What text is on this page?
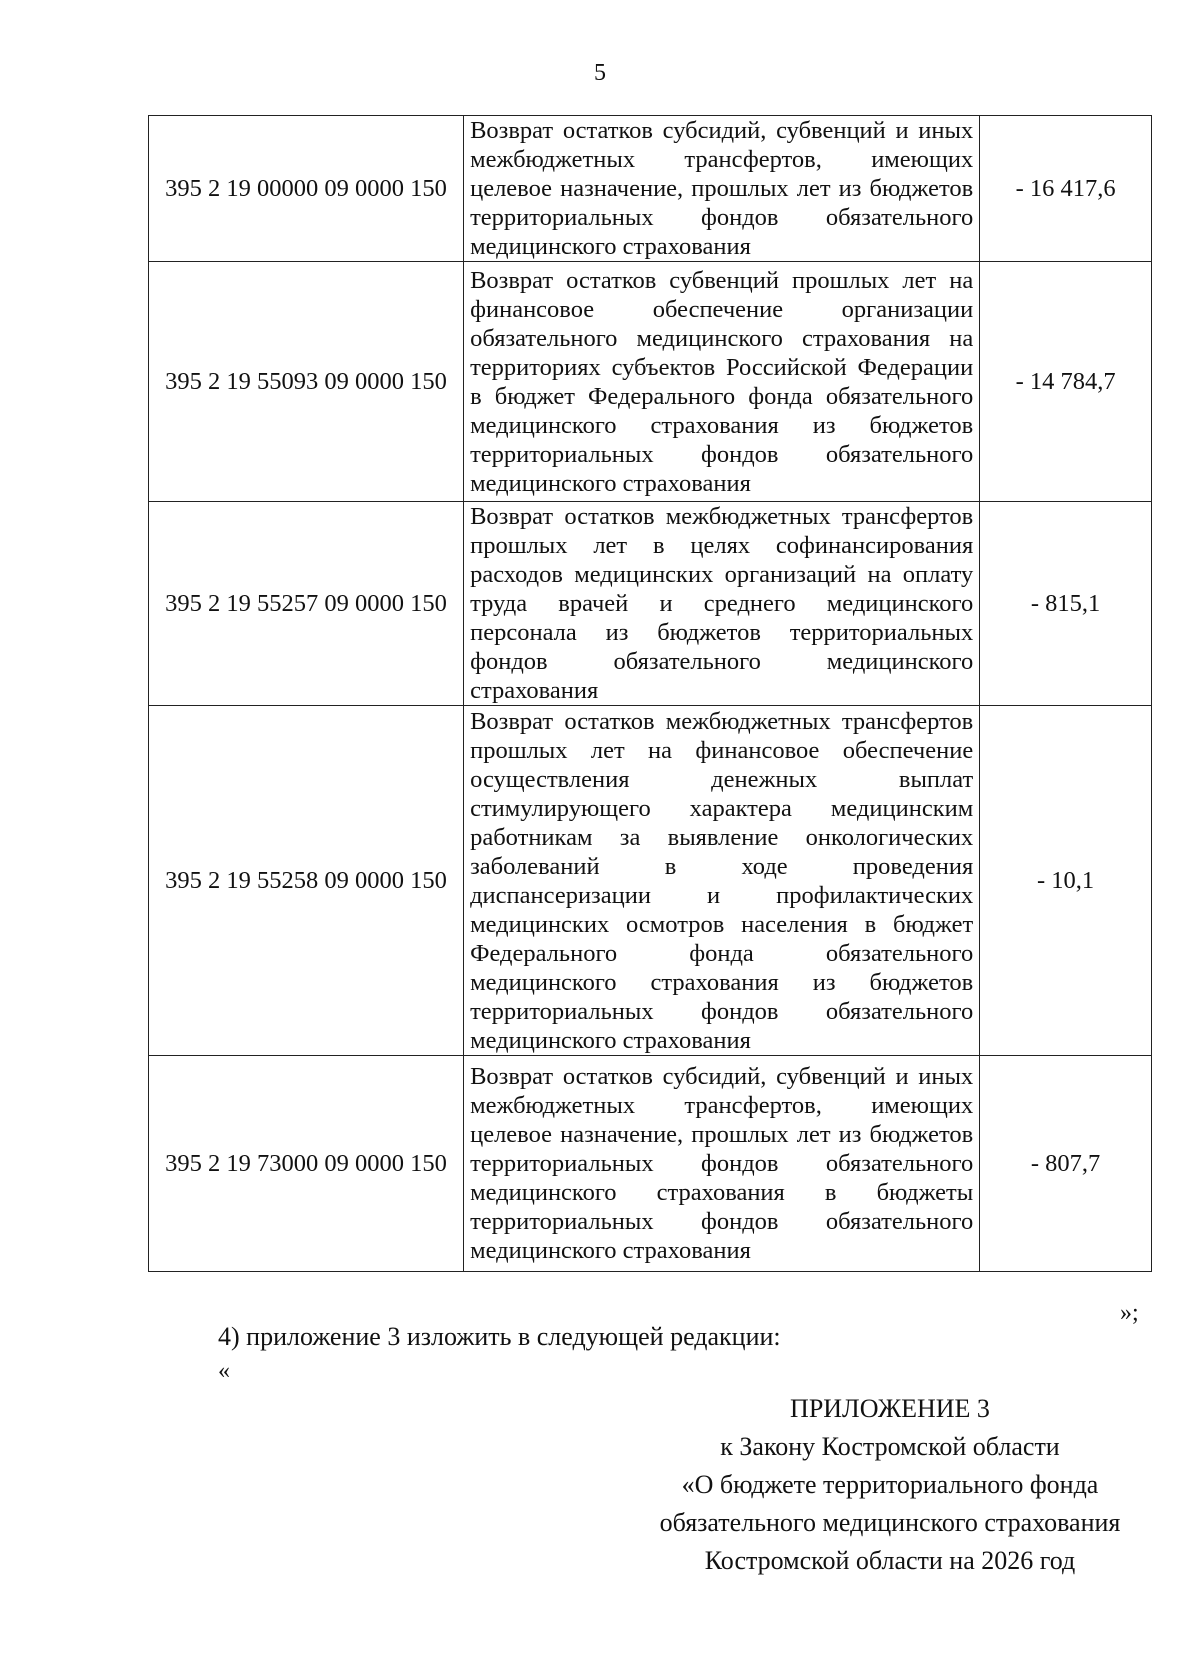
5
395 2 19 00000 09 0000 150	Возврат остатков субсидий, субвенций и иных межбюджетных трансфертов, имеющих целевое назначение, прошлых лет из бюджетов территориальных фондов обязательного медицинского страхования	- 16 417,6
395 2 19 55093 09 0000 150	Возврат остатков субвенций прошлых лет на финансовое обеспечение организации обязательного медицинского страхования на территориях субъектов Российской Федерации в бюджет Федерального фонда обязательного медицинского страхования из бюджетов территориальных фондов обязательного медицинского страхования	- 14 784,7
395 2 19 55257 09 0000 150	Возврат остатков межбюджетных трансфертов прошлых лет в целях софинансирования расходов медицинских организаций на оплату труда врачей и среднего медицинского персонала из бюджетов территориальных фондов обязательного медицинского страхования	- 815,1
395 2 19 55258 09 0000 150	Возврат остатков межбюджетных трансфертов прошлых лет на финансовое обеспечение осуществления денежных выплат стимулирующего характера медицинским работникам за выявление онкологических заболеваний в ходе проведения диспансеризации и профилактических медицинских осмотров населения в бюджет Федерального фонда обязательного медицинского страхования из бюджетов территориальных фондов обязательного медицинского страхования	- 10,1
395 2 19 73000 09 0000 150	Возврат остатков субсидий, субвенций и иных межбюджетных трансфертов, имеющих целевое назначение, прошлых лет из бюджетов территориальных фондов обязательного медицинского страхования в бюджеты территориальных фондов обязательного медицинского страхования	- 807,7
»;
4) приложение 3 изложить в следующей редакции:
«
ПРИЛОЖЕНИЕ 3
к Закону Костромской области
«О бюджете территориального фонда
обязательного медицинского страхования
Костромской области на 2026 год
